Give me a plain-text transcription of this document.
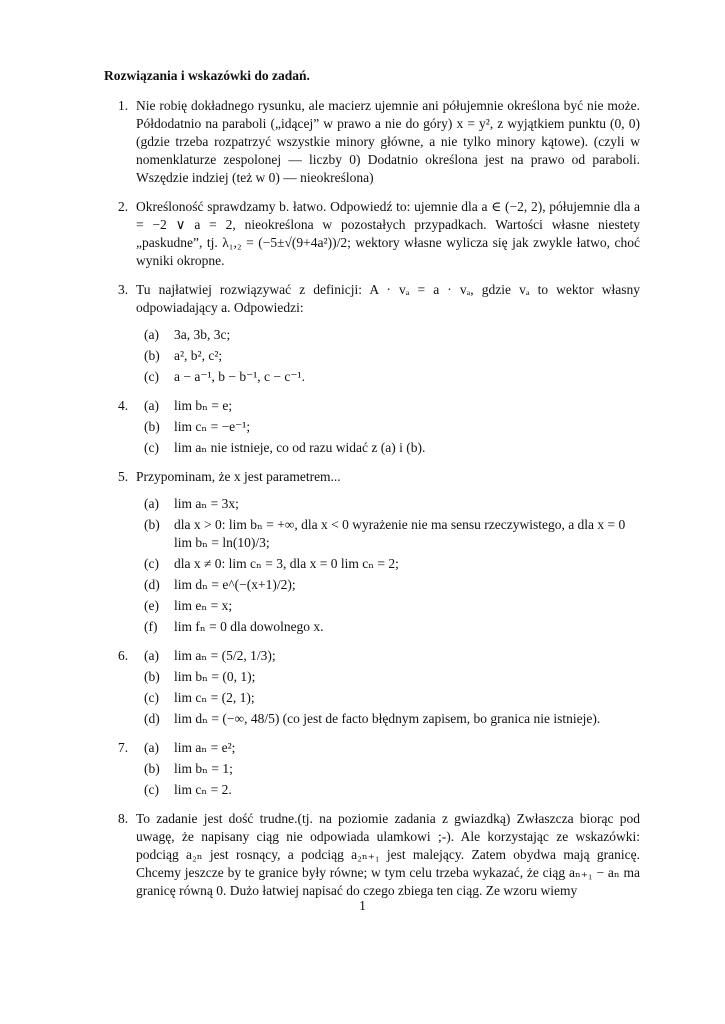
Rozwiązania i wskazówki do zadań.
1. Nie robię dokładnego rysunku, ale macierz ujemnie ani półujemnie określona być nie może. Półdodatnio na paraboli („idącej” w prawo a nie do góry) x = y², z wyjątkiem punktu (0, 0) (gdzie trzeba rozpatrzyć wszystkie minory główne, a nie tylko minory kątowe). (czyli w nomenklaturze zespolonej — liczby 0) Dodatnio określona jest na prawo od paraboli. Wszędzie indziej (też w 0) — nieokreślona)
2. Określoność sprawdzamy b. łatwo. Odpowiedź to: ujemnie dla a ∈ (−2, 2), półujemnie dla a = −2 ∨ a = 2, nieokreślona w pozostałych przypadkach. Wartości własne niestety „paskudne”, tj. λ₁,₂ = (−5±√(9+4a²))/2; wektory własne wylicza się jak zwykle łatwo, choć wyniki okropne.
3. Tu najłatwiej rozwiązywać z definicji: A · vₐ = a · vₐ, gdzie vₐ to wektor własny odpowiadający a. Odpowiedzi:
(a) 3a, 3b, 3c;
(b) a², b², c²;
(c) a − a⁻¹, b − b⁻¹, c − c⁻¹.
4. (a) lim bₙ = e;
(b) lim cₙ = −e⁻¹;
(c) lim aₙ nie istnieje, co od razu widać z (a) i (b).
5. Przypominam, że x jest parametrem...
(a) lim aₙ = 3x;
(b) dla x > 0: lim bₙ = +∞, dla x < 0 wyrażenie nie ma sensu rzeczywistego, a dla x = 0 lim bₙ = ln(10)/3;
(c) dla x ≠ 0: lim cₙ = 3, dla x = 0 lim cₙ = 2;
(d) lim dₙ = e^(−(x+1)/2);
(e) lim eₙ = x;
(f) lim fₙ = 0 dla dowolnego x.
6. (a) lim aₙ = (5/2, 1/3);
(b) lim bₙ = (0, 1);
(c) lim cₙ = (2, 1);
(d) lim dₙ = (−∞, 48/5) (co jest de facto błędnym zapisem, bo granica nie istnieje).
7. (a) lim aₙ = e²;
(b) lim bₙ = 1;
(c) lim cₙ = 2.
8. To zadanie jest dość trudne.(tj. na poziomie zadania z gwiazdką) Zwłaszcza biorąc pod uwagę, że napisany ciąg nie odpowiada ulamkowi ;-). Ale korzystając ze wskazówki: podciąg a₂ₙ jest rosnący, a podciąg a₂ₙ₊₁ jest malejący. Zatem obydwa mają granicę. Chcemy jeszcze by te granice były równe; w tym celu trzeba wykazać, że ciąg aₙ₊₁ − aₙ ma granicę równą 0. Dużo łatwiej napisać do czego zbiega ten ciąg. Ze wzoru wiemy
1
